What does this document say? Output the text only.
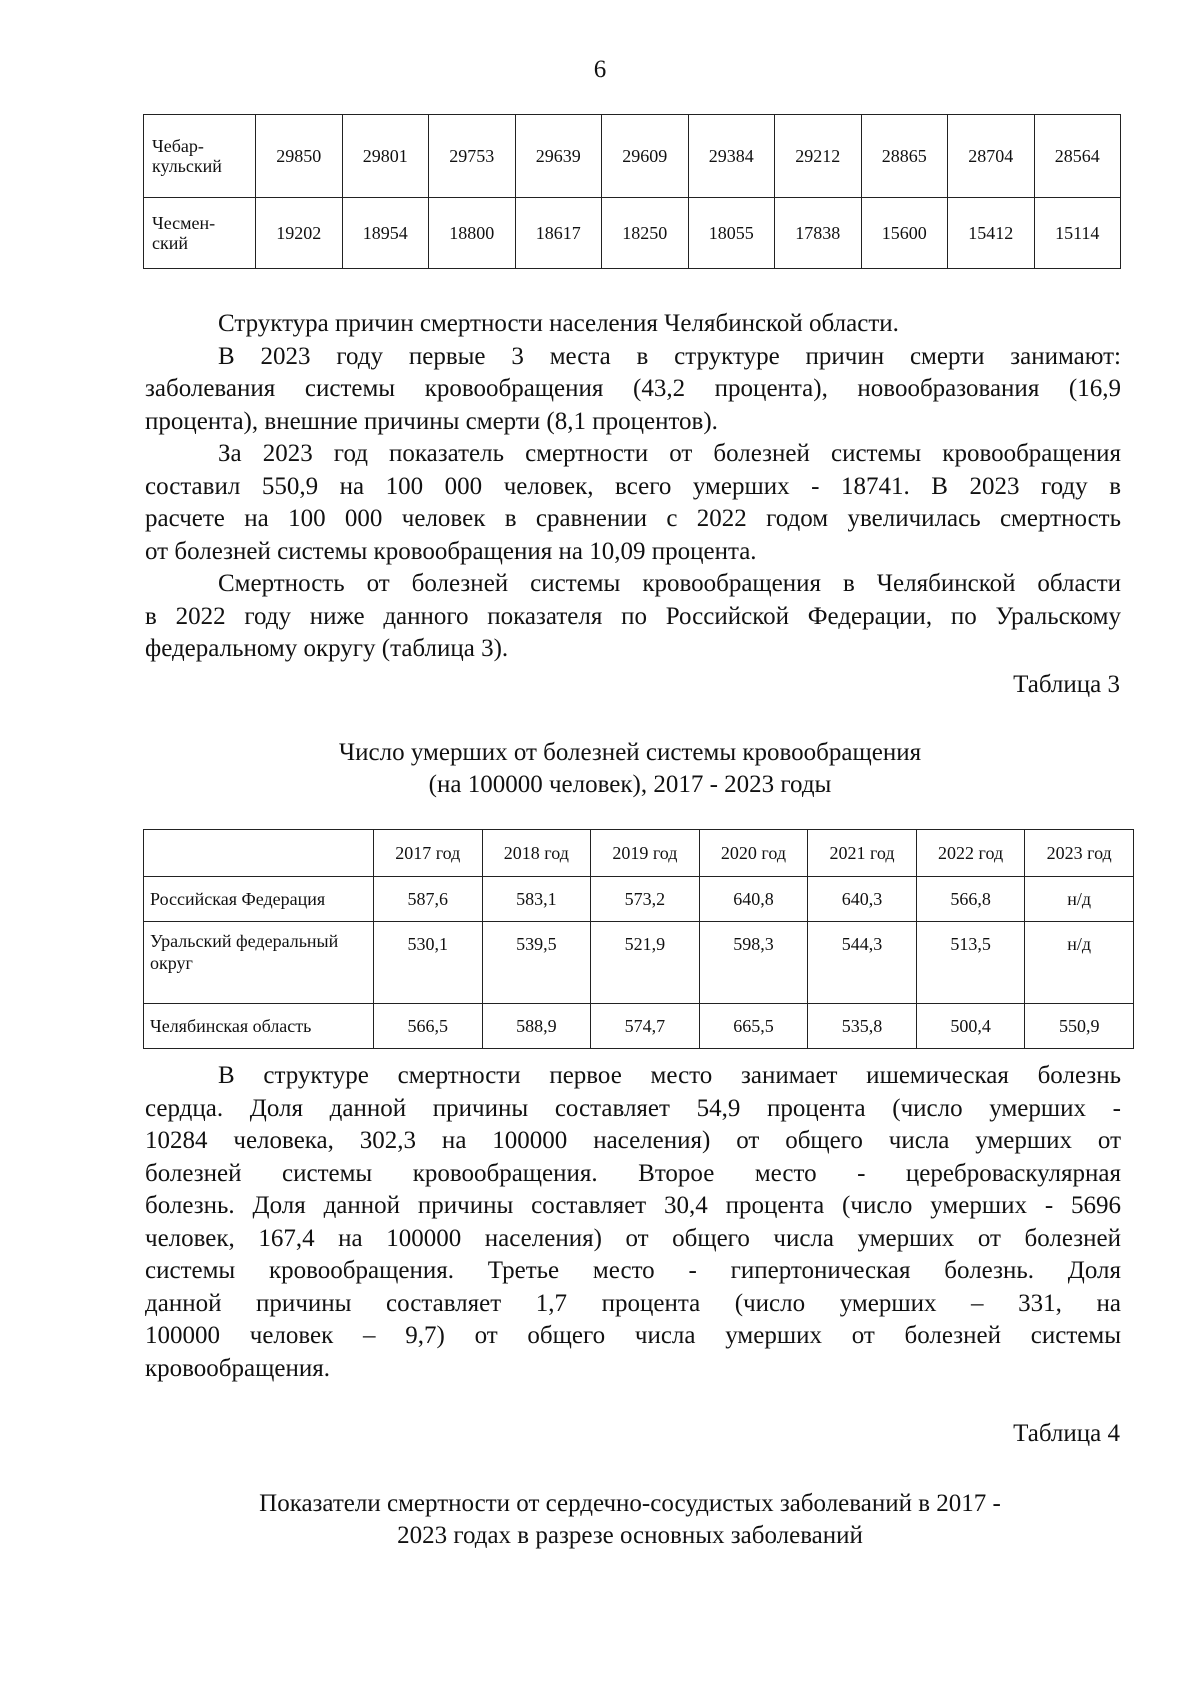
6
Чебар-
кульский	29850	29801	29753	29639	29609	29384	29212	28865	28704	28564
Чесмен-
ский	19202	18954	18800	18617	18250	18055	17838	15600	15412	15114
Структура причин смертности населения Челябинской области.
В 2023 году первые 3 места в структуре причин смерти занимают:
заболевания системы кровообращения (43,2 процента), новообразования (16,9
процента), внешние причины смерти (8,1 процентов).
За 2023 год показатель смертности от болезней системы кровообращения
составил 550,9 на 100 000 человек, всего умерших - 18741. В 2023 году в
расчете на 100 000 человек в сравнении с 2022 годом увеличилась смертность
от болезней системы кровообращения на 10,09 процента.
Смертность от болезней системы кровообращения в Челябинской области
в 2022 году ниже данного показателя по Российской Федерации, по Уральскому
федеральному округу (таблица 3).
Таблица 3
Число умерших от болезней системы кровообращения
(на 100000 человек), 2017 - 2023 годы
	2017 год	2018 год	2019 год	2020 год	2021 год	2022 год	2023 год
Российская Федерация	587,6	583,1	573,2	640,8	640,3	566,8	н/д
Уральский федеральный
округ	530,1	539,5	521,9	598,3	544,3	513,5	н/д
Челябинская область	566,5	588,9	574,7	665,5	535,8	500,4	550,9
В структуре смертности первое место занимает ишемическая болезнь
сердца. Доля данной причины составляет 54,9 процента (число умерших -
10284 человека, 302,3 на 100000 населения) от общего числа умерших от
болезней системы кровообращения. Второе место - цереброваскулярная
болезнь. Доля данной причины составляет 30,4 процента (число умерших - 5696
человек, 167,4 на 100000 населения) от общего числа умерших от болезней
системы кровообращения. Третье место - гипертоническая болезнь. Доля
данной причины составляет 1,7 процента (число умерших – 331, на
100000 человек – 9,7) от общего числа умерших от болезней системы
кровообращения.
Таблица 4
Показатели смертности от сердечно-сосудистых заболеваний в 2017 -
2023 годах в разрезе основных заболеваний
